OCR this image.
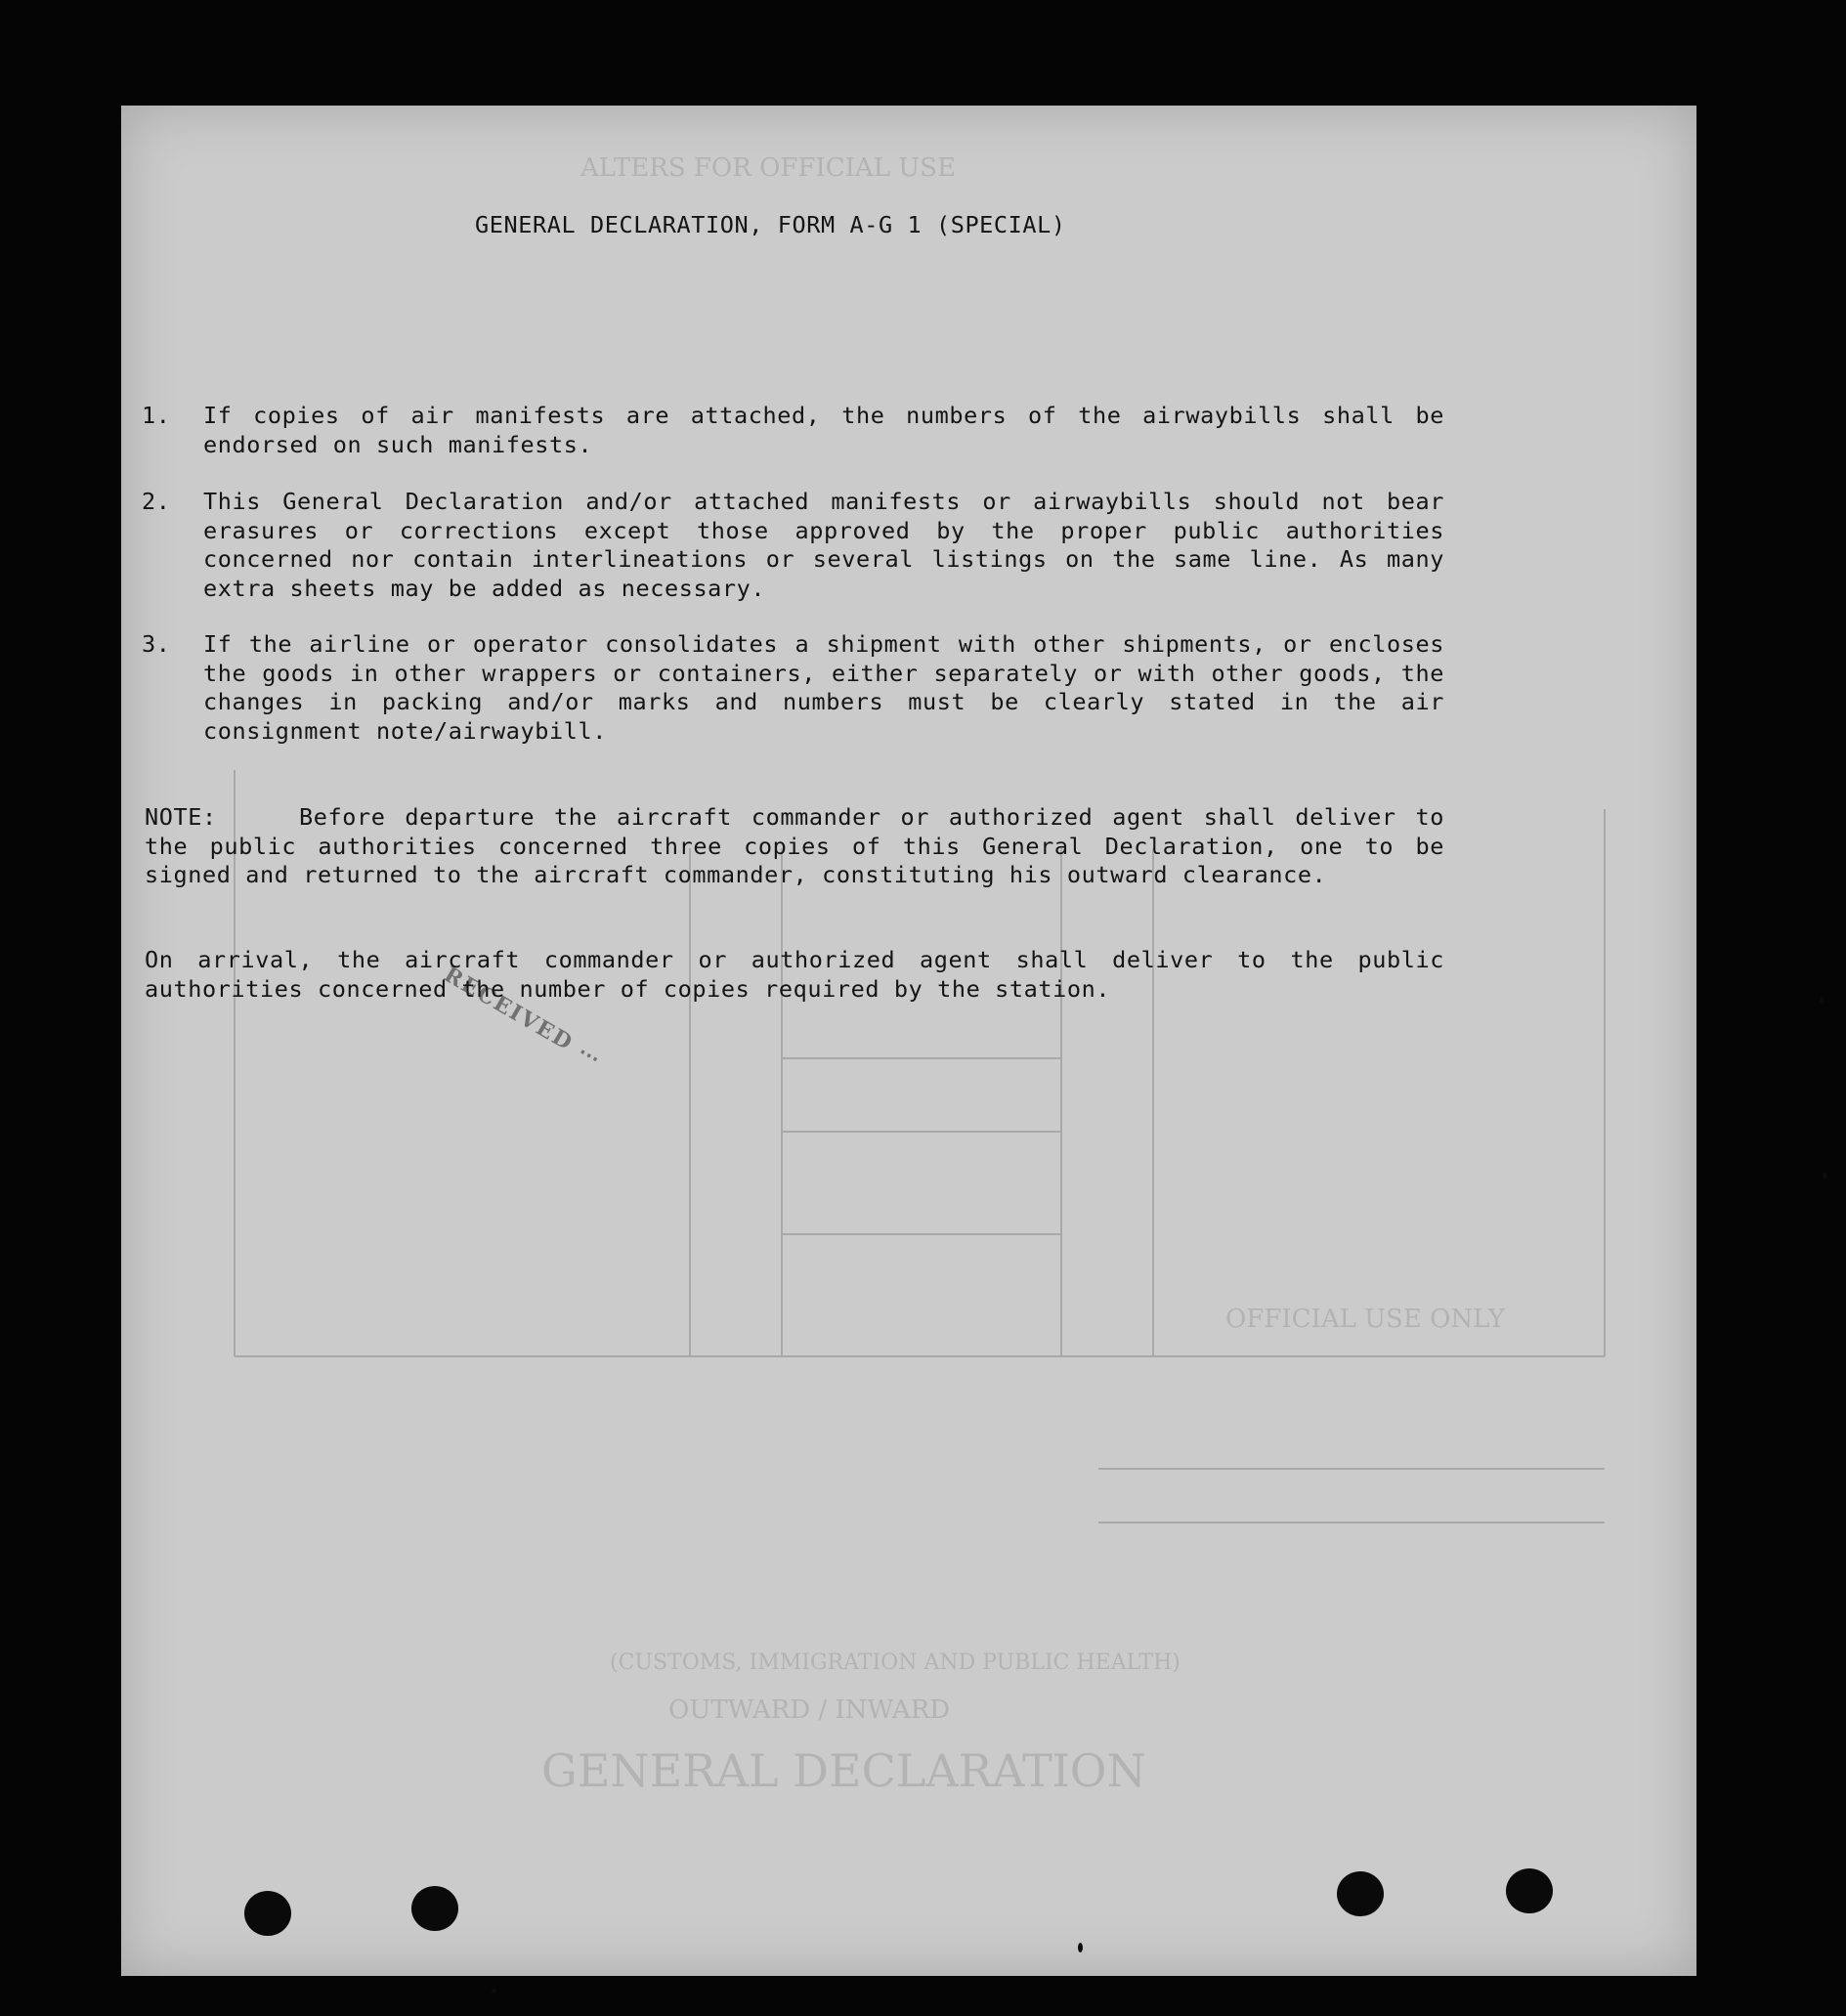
ALTERS FOR OFFICIAL USE
GENERAL DECLARATION
OUTWARD / INWARD
(CUSTOMS, IMMIGRATION AND PUBLIC HEALTH)
OFFICIAL USE ONLY
RECEIVED ⋯
GENERAL DECLARATION, FORM A-G 1 (SPECIAL)
1. If copies of air manifests are attached, the numbers of the airwaybills shall be endorsed on such manifests.
2. This General Declaration and/or attached manifests or airwaybills should not bear erasures or corrections except those approved by the proper public authorities concerned nor contain interlineations or several listings on the same line. As many extra sheets may be added as necessary.
3. If the airline or operator consolidates a shipment with other shipments, or encloses the goods in other wrappers or containers, either separately or with other goods, the changes in packing and/or marks and numbers must be clearly stated in the air consignment note/airwaybill.
NOTE:	Before departure the aircraft commander or authorized agent shall deliver to the public authorities concerned three copies of this General Declaration, one to be signed and returned to the aircraft commander, constituting his outward clearance.
On arrival, the aircraft commander or authorized agent shall deliver to the public authorities concerned the number of copies required by the station.
